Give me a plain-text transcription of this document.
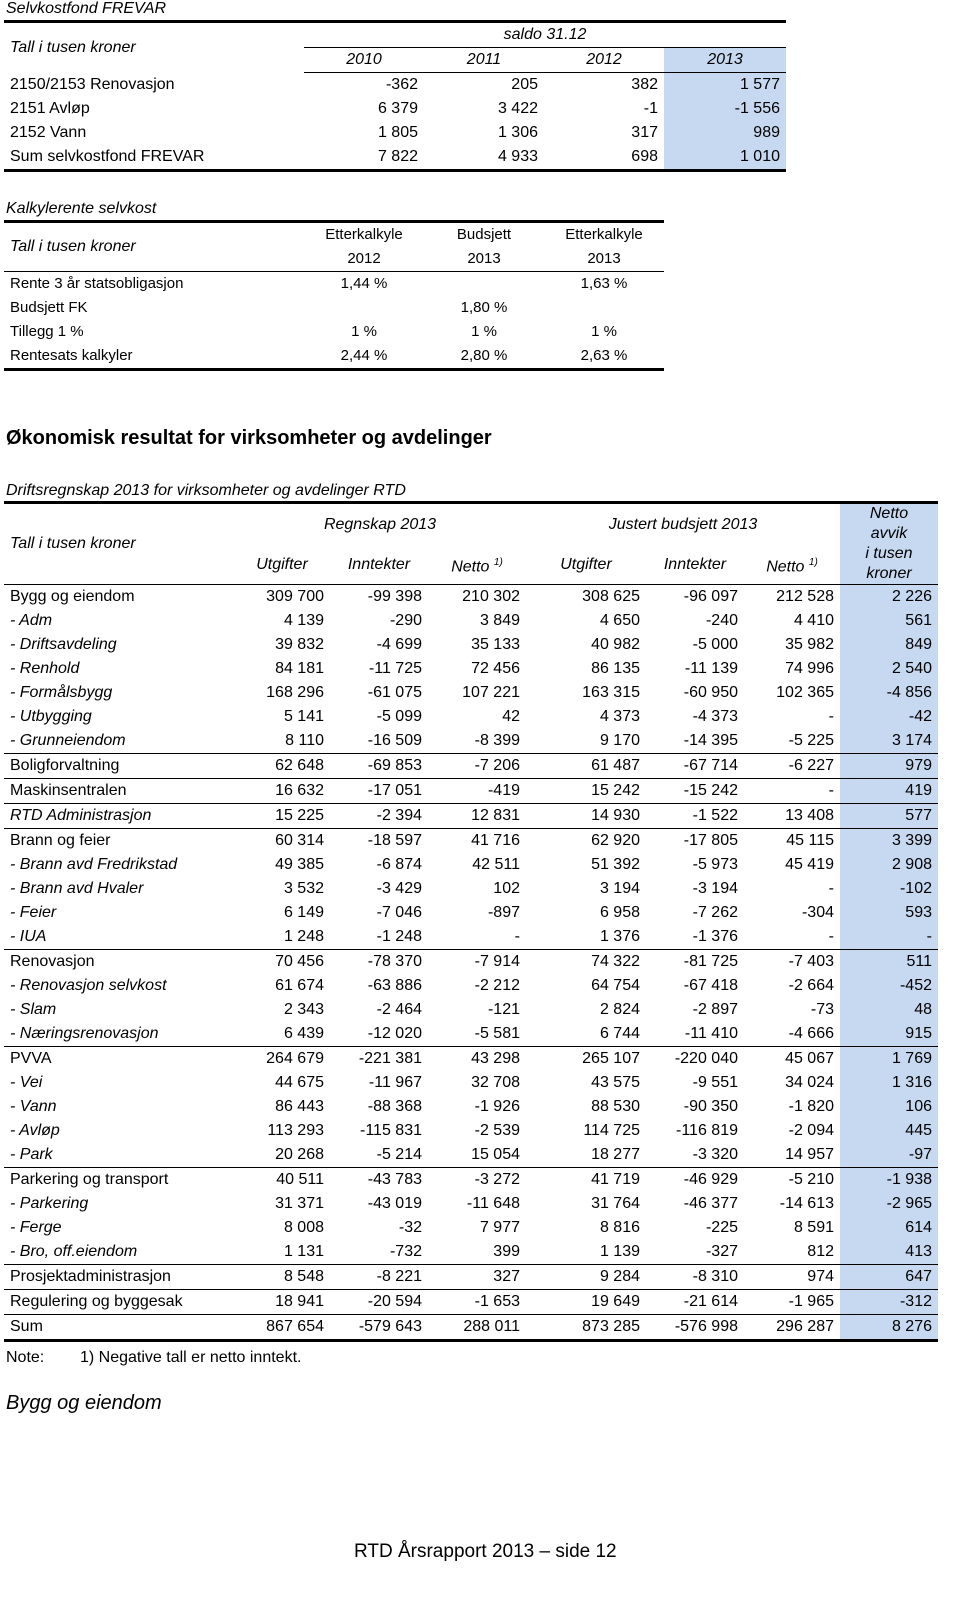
Selvkostfond FREVAR
Tall i tusen kroner	saldo 31.12			
	2010	2011	2012	2013
2150/2153 Renovasjon	-362	205	382	1 577
2151 Avløp	6 379	3 422	-1	-1 556
2152 Vann	1 805	1 306	317	989
Sum selvkostfond FREVAR	7 822	4 933	698	1 010
Kalkylerente selvkost
Tall i tusen kroner	Etterkalkyle	Budsjett	Etterkalkyle
	2012	2013	2013
Rente 3 år statsobligasjon	1,44 %		1,63 %
Budsjett FK		1,80 %	
Tillegg 1 %	1 %	1 %	1 %
Rentesats kalkyler	2,44 %	2,80 %	2,63 %
Økonomisk resultat for virksomheter og avdelinger
Driftsregnskap 2013 for virksomheter og avdelinger RTD
Tall i tusen kroner	Regnskap 2013			Justert budsjett 2013			Netto
avvik
i tusen
kroner

	Utgifter	Inntekter	Netto $^{1)}$	Utgifter	Inntekter	Netto $^{1)}$
Bygg og eiendom	309 700	-99 398	210 302	308 625	-96 097	212 528	2 226
- Adm	4 139	-290	3 849	4 650	-240	4 410	561
- Driftsavdeling	39 832	-4 699	35 133	40 982	-5 000	35 982	849
- Renhold	84 181	-11 725	72 456	86 135	-11 139	74 996	2 540
- Formålsbygg	168 296	-61 075	107 221	163 315	-60 950	102 365	-4 856
- Utbygging	5 141	-5 099	42	4 373	-4 373	-	-42
- Grunneiendom	8 110	-16 509	-8 399	9 170	-14 395	-5 225	3 174
Boligforvaltning	62 648	-69 853	-7 206	61 487	-67 714	-6 227	979
Maskinsentralen	16 632	-17 051	-419	15 242	-15 242	-	419
RTD Administrasjon	15 225	-2 394	12 831	14 930	-1 522	13 408	577
Brann og feier	60 314	-18 597	41 716	62 920	-17 805	45 115	3 399
- Brann avd Fredrikstad	49 385	-6 874	42 511	51 392	-5 973	45 419	2 908
- Brann avd Hvaler	3 532	-3 429	102	3 194	-3 194	-	-102
- Feier	6 149	-7 046	-897	6 958	-7 262	-304	593
- IUA	1 248	-1 248	-	1 376	-1 376	-	-
Renovasjon	70 456	-78 370	-7 914	74 322	-81 725	-7 403	511
- Renovasjon selvkost	61 674	-63 886	-2 212	64 754	-67 418	-2 664	-452
- Slam	2 343	-2 464	-121	2 824	-2 897	-73	48
- Næringsrenovasjon	6 439	-12 020	-5 581	6 744	-11 410	-4 666	915
PVVA	264 679	-221 381	43 298	265 107	-220 040	45 067	1 769
- Vei	44 675	-11 967	32 708	43 575	-9 551	34 024	1 316
- Vann	86 443	-88 368	-1 926	88 530	-90 350	-1 820	106
- Avløp	113 293	-115 831	-2 539	114 725	-116 819	-2 094	445
- Park	20 268	-5 214	15 054	18 277	-3 320	14 957	-97
Parkering og transport	40 511	-43 783	-3 272	41 719	-46 929	-5 210	-1 938
- Parkering	31 371	-43 019	-11 648	31 764	-46 377	-14 613	-2 965
- Ferge	8 008	-32	7 977	8 816	-225	8 591	614
- Bro, off.eiendom	1 131	-732	399	1 139	-327	812	413
Prosjektadministrasjon	8 548	-8 221	327	9 284	-8 310	974	647
Regulering og byggesak	18 941	-20 594	-1 653	19 649	-21 614	-1 965	-312
Sum	867 654	-579 643	288 011	873 285	-576 998	296 287	8 276
Note: 1) Negative tall er netto inntekt.
Bygg og eiendom
RTD Årsrapport 2013 – side 12
